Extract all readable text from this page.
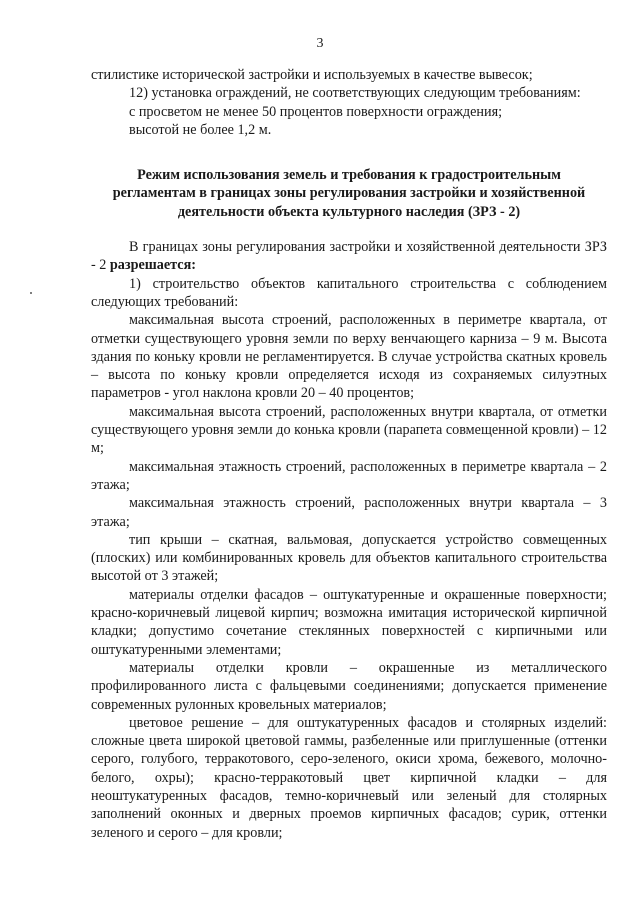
3

стилистике исторической застройки и используемых в качестве вывесок;

12) установка ограждений, не соответствующих следующим требованиям:

с просветом не менее 50 процентов поверхности ограждения;

высотой не более 1,2 м.

Режим использования земель и требования к градостроительным регламентам в границах зоны регулирования застройки и хозяйственной деятельности объекта культурного наследия (ЗРЗ - 2)

В границах зоны регулирования застройки и хозяйственной деятельности ЗРЗ - 2 разрешается:

1) строительство объектов капитального строительства с соблюдением следующих требований:

максимальная высота строений, расположенных в периметре квартала, от отметки существующего уровня земли по верху венчающего карниза – 9 м. Высота здания по коньку кровли не регламентируется. В случае устройства скатных кровель – высота по коньку кровли определяется исходя из сохраняемых силуэтных параметров - угол наклона кровли 20 – 40 процентов;

максимальная высота строений, расположенных внутри квартала, от отметки существующего уровня земли до конька кровли (парапета совмещенной кровли) – 12 м;

максимальная этажность строений, расположенных в периметре квартала – 2 этажа;

максимальная этажность строений, расположенных внутри квартала – 3 этажа;

тип крыши – скатная, вальмовая, допускается устройство совмещенных (плоских) или комбинированных кровель для объектов капитального строительства высотой от 3 этажей;

материалы отделки фасадов – оштукатуренные и окрашенные поверхности; красно-коричневый лицевой кирпич; возможна имитация исторической кирпичной кладки; допустимо сочетание стеклянных поверхностей с кирпичными или оштукатуренными элементами;

материалы отделки кровли – окрашенные из металлического профилированного листа с фальцевыми соединениями; допускается применение современных рулонных кровельных материалов;

цветовое решение – для оштукатуренных фасадов и столярных изделий: сложные цвета широкой цветовой гаммы, разбеленные или приглушенные (оттенки серого, голубого, терракотового, серо-зеленого, окиси хрома, бежевого, молочно-белого, охры); красно-терракотовый цвет кирпичной кладки – для неоштукатуренных фасадов, темно-коричневый или зеленый для столярных заполнений оконных и дверных проемов кирпичных фасадов; сурик, оттенки зеленого и серого – для кровли;
